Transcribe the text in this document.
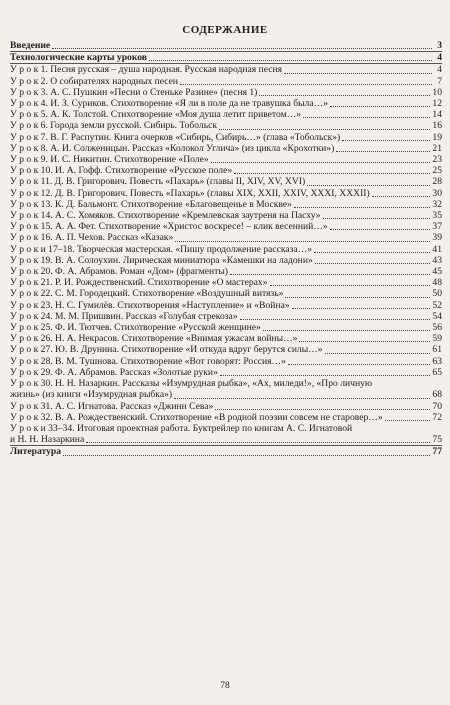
СОДЕРЖАНИЕ
Введение	3
Технологические карты уроков	4
У р о к 1. Песня русская – душа народная. Русская народная песня	4
У р о к 2. О собирателях народных песен	7
У р о к 3. А. С. Пушкин «Песни о Стеньке Разине» (песня 1)	10
У р о к 4. И. З. Суриков. Стихотворение «Я ли в поле да не травушка была…»	12
У р о к 5. А. К. Толстой. Стихотворение «Моя душа летит приветом…»	14
У р о к 6. Города земли русской. Сибирь. Тобольск	16
У р о к 7. В. Г. Распутин. Книга очерков «Сибирь, Сибирь…» (глава «Тобольск»)	19
У р о к 8. А. И. Солженицын. Рассказ «Колокол Углича» (из цикла «Крохотки»)	21
У р о к 9. И. С. Никитин. Стихотворение «Поле»	23
У р о к 10. И. А. Гофф. Стихотворение «Русское поле»	25
У р о к 11. Д. В. Григорович. Повесть «Пахарь» (главы II, XIV, XV, XVI)	28
У р о к 12. Д. В. Григорович. Повесть «Пахарь» (главы XIX, XXII, XXIV, XXXI, XXXII)	30
У р о к 13. К. Д. Бальмонт. Стихотворение «Благовещенье в Москве»	32
У р о к 14. А. С. Хомяков. Стихотворение «Кремлевская заутреня на Пасху»	35
У р о к 15. А. А. Фет. Стихотворение «Христос воскресе! – клик весенний…»	37
У р о к 16. А. П. Чехов. Рассказ «Казак»	39
У р о к и 17–18. Творческая мастерская. «Пишу продолжение рассказа…»	41
У р о к 19. В. А. Солоухин. Лирическая миниатюра «Камешки на ладони»	43
У р о к 20. Ф. А. Абрамов. Роман «Дом» (фрагменты)	45
У р о к 21. Р. И. Рождественский. Стихотворение «О мастерах»	48
У р о к 22. С. М. Городецкий. Стихотворение «Воздушный витязь»	50
У р о к 23. Н. С. Гумилёв. Стихотворения «Наступление» и «Война»	52
У р о к 24. М. М. Пришвин. Рассказ «Голубая стрекоза»	54
У р о к 25. Ф. И. Тютчев. Стихотворение «Русской женщине»	56
У р о к 26. Н. А. Некрасов. Стихотворение «Внимая ужасам войны…»	59
У р о к 27. Ю. В. Друнина. Стихотворение «И откуда вдруг берутся силы…»	61
У р о к 28. В. М. Тушнова. Стихотворение «Вот говорят: Россия…»	63
У р о к 29. Ф. А. Абрамов. Рассказ «Золотые руки»	65
У р о к 30. Н. Н. Назаркин. Рассказы «Изумрудная рыбка», «Ах, миледи!», «Про личную
жизнь» (из книги «Изумрудная рыбка»)	68
У р о к 31. А. С. Игнатова. Рассказ «Джинн Сева»	70
У р о к 32. В. А. Рождественский. Стихотворение «В родной поэзии совсем не старовер…»	72
У р о к и 33–34. Итоговая проектная работа. Буктрейлер по книгам А. С. Игнатовой
и Н. Н. Назаркина	75
Литература	77
78
